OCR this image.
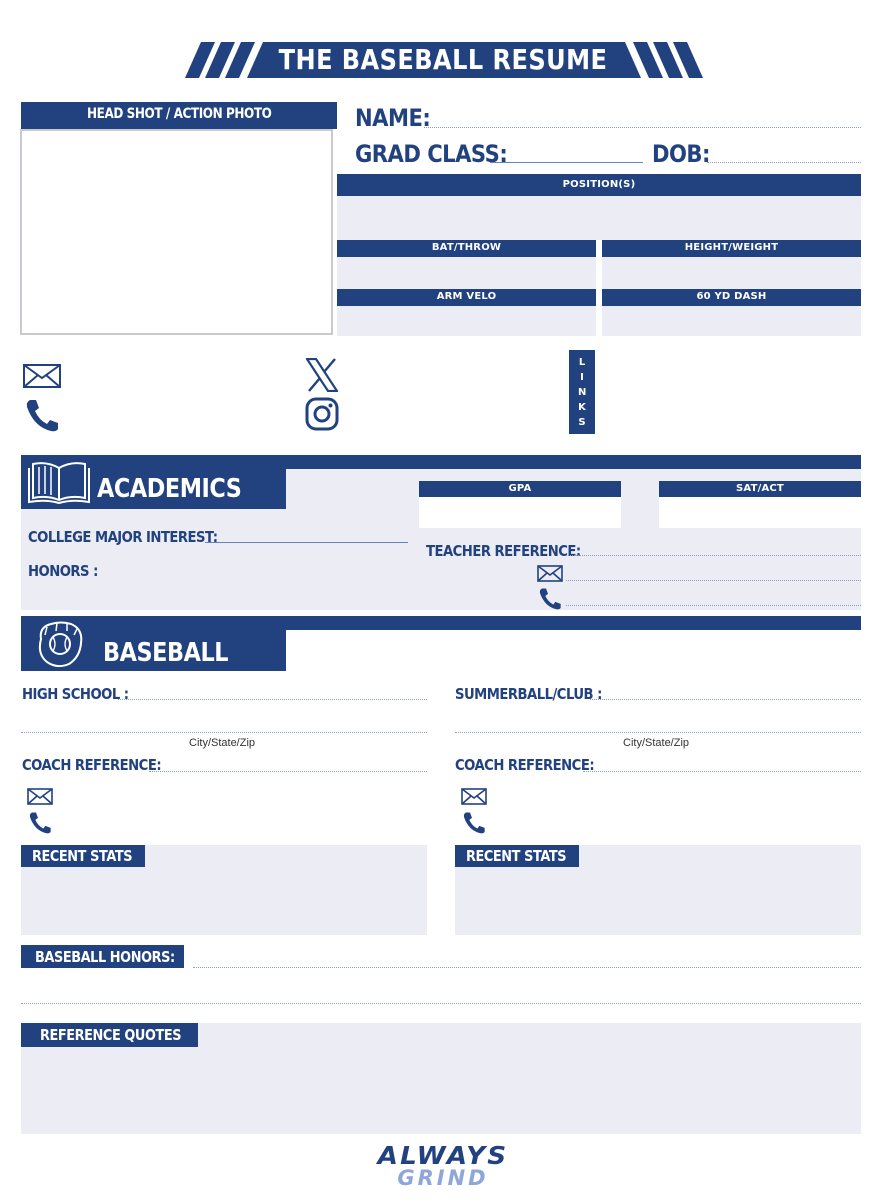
THE BASEBALL RESUME
HEAD SHOT / ACTION PHOTO	NAME:
GRAD CLASS:	DOB:
POSITION(S)
BAT/THROW	HEIGHT/WEIGHT
ARM VELO	60 YD DASH
LINKS
ACADEMICS	GPA	SAT/ACT
COLLEGE MAJOR INTEREST:
HONORS :
TEACHER REFERENCE:
BASEBALL
HIGH SCHOOL :
City/State/Zip
SUMMERBALL/CLUB :
City/State/Zip
COACH REFERENCE:	COACH REFERENCE:
RECENT STATS	RECENT STATS
BASEBALL HONORS:
REFERENCE QUOTES
ALWAYS
GRIND
